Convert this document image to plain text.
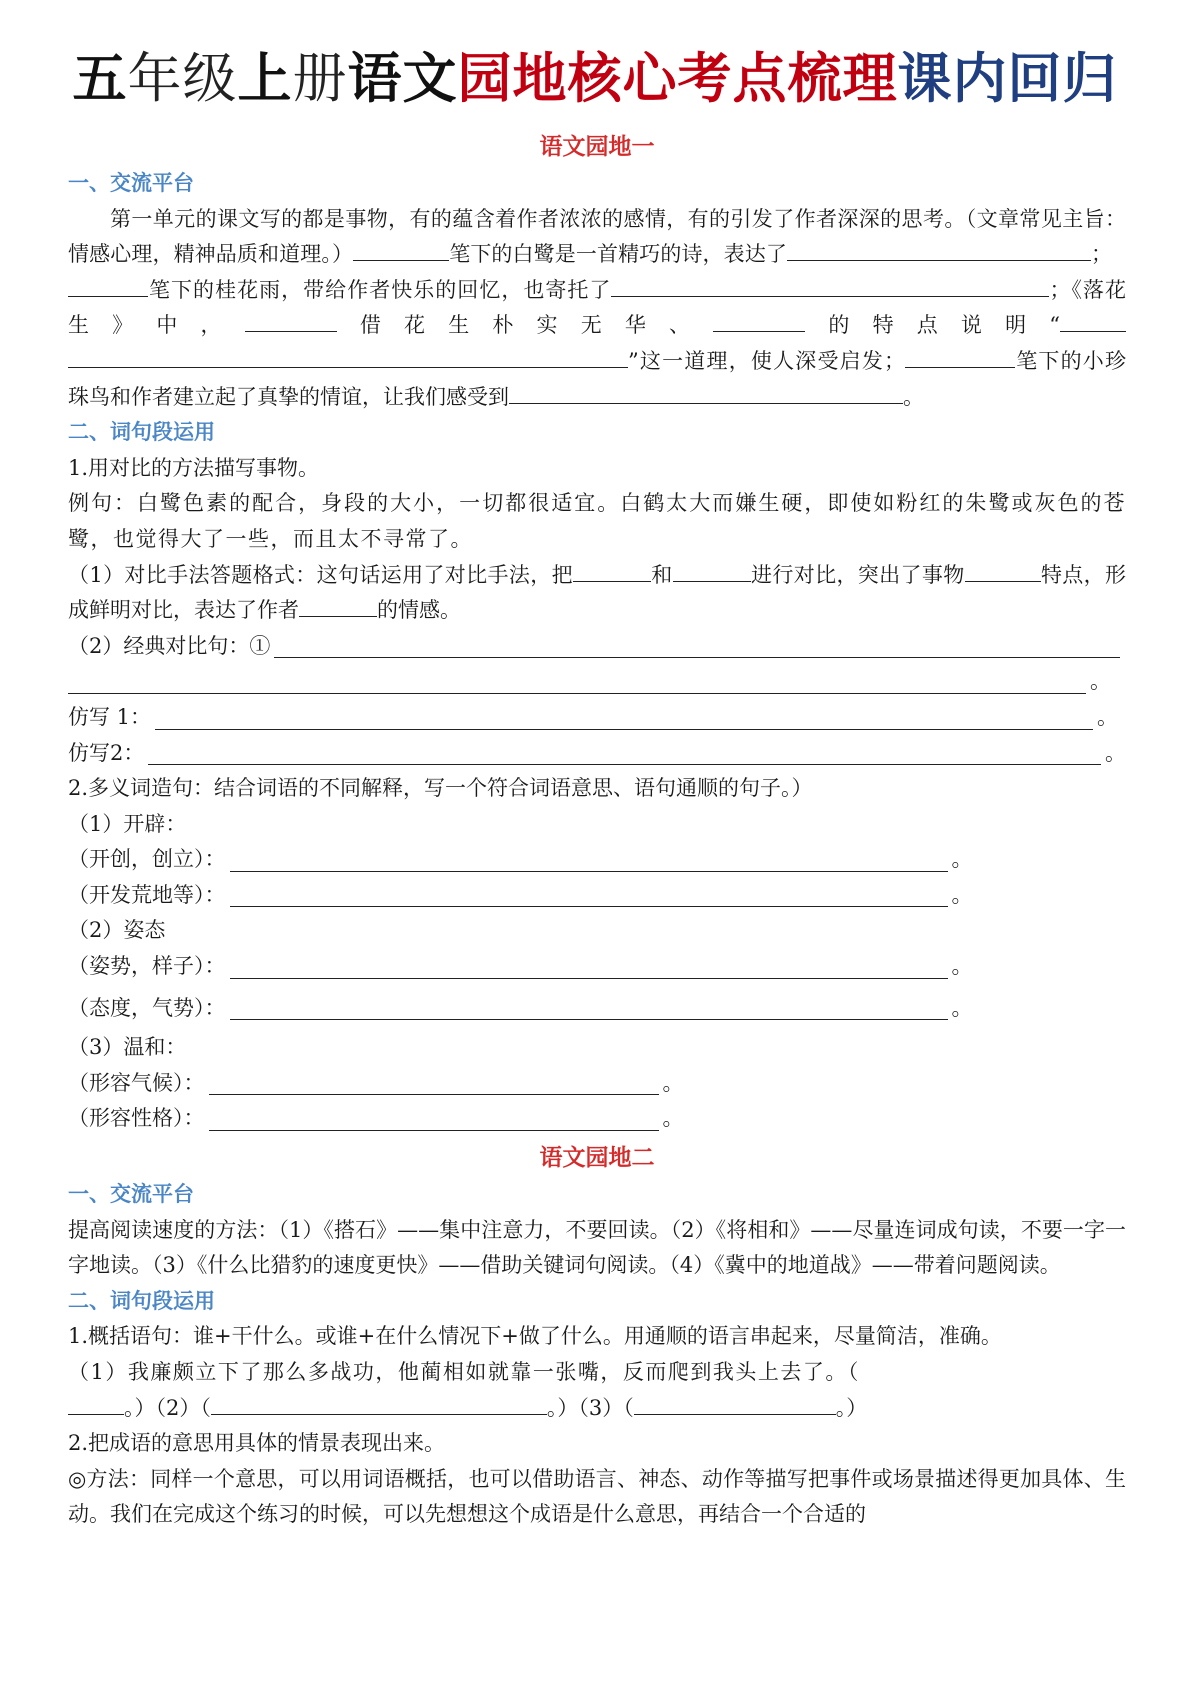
五年级上册语文园地核心考点梳理课内回归
语文园地一
一、交流平台

第一单元的课文写的都是事物，有的蕴含着作者浓浓的感情，有的引发了作者深深的思考。（文章常见主旨：情感心理，精神品质和道理。）	笔下的白鹭是一首精巧的诗，表达了	；笔下的桂花雨，带给作者快乐的回忆，也寄托了	；《落花生》中，	借花生朴实无华、	的特点说明“”这一道理，使人深受启发；	笔下的小珍珠鸟和作者建立起了真挚的情谊，让我们感受到	。

二、词句段运用

1.用对比的方法描写事物。

例句：白鹭色素的配合，身段的大小，一切都很适宜。白鹤太大而嫌生硬，即使如粉红的朱鹭或灰色的苍鹭，也觉得大了一些，而且太不寻常了。

（1）对比手法答题格式：这句话运用了对比手法，把	和	进行对比，突出了事物	特点，形成鲜明对比，表达了作者	的情感。

（2）经典对比句：①
。
仿写 1：	。
仿写2：	。

2.多义词造句：结合词语的不同解释，写一个符合词语意思、语句通顺的句子。）

（1）开辟：

（开创，创立）：	。
（开发荒地等）：	。

（2）姿态

（姿势，样子）：	。
（态度，气势）：	。

（3）温和：

（形容气候）：	。
（形容性格）：	。
语文园地二
一、交流平台

提高阅读速度的方法：（1）《搭石》——集中注意力，不要回读。（2）《将相和》——尽量连词成句读，不要一字一字地读。（3）《什么比猎豹的速度更快》——借助关键词句阅读。（4）《冀中的地道战》——带着问题阅读。

二、词句段运用

1.概括语句：谁+干什么。或谁+在什么情况下+做了什么。用通顺的语言串起来，尽量简洁，准确。

（1）我廉颇立下了那么多战功，他蔺相如就靠一张嘴，反而爬到我头上去了。（

。）（2）（	。）（3）（	。）

2.把成语的意思用具体的情景表现出来。

◎方法：同样一个意思，可以用词语概括，也可以借助语言、神态、动作等描写把事件或场景描述得更加具体、生动。我们在完成这个练习的时候，可以先想想这个成语是什么意思，再结合一个合适的
